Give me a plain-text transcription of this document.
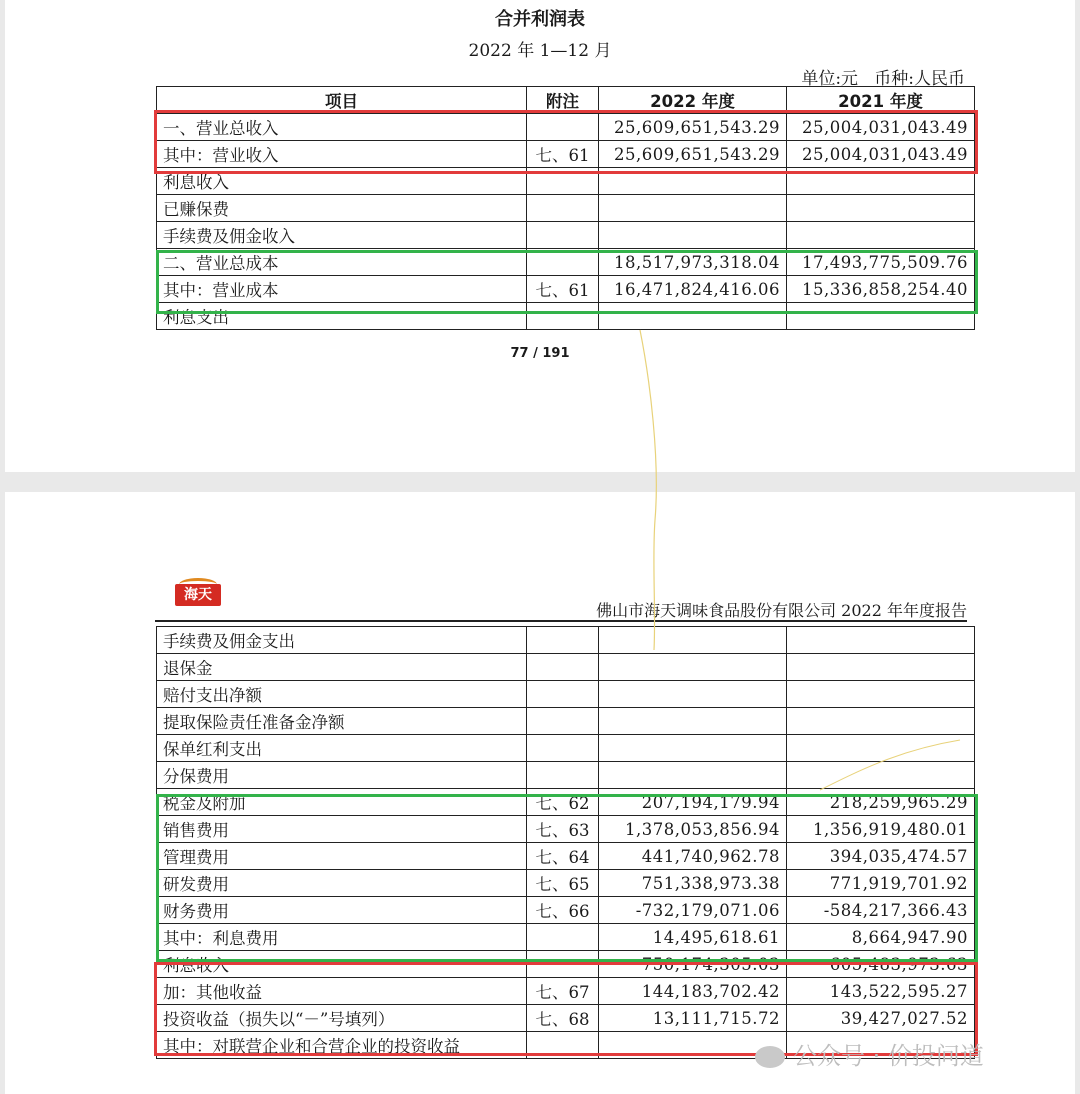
合并利润表
2022 年 1—12 月
单位:元   币种:人民币
项目	附注	2022 年度	2021 年度
一、营业总收入		25,609,651,543.29	25,004,031,043.49
其中：营业收入	七、61	25,609,651,543.29	25,004,031,043.49
利息收入			
已赚保费			
手续费及佣金收入			
二、营业总成本		18,517,973,318.04	17,493,775,509.76
其中：营业成本	七、61	16,471,824,416.06	15,336,858,254.40
利息支出			
77 / 191
海天
佛山市海天调味食品股份有限公司 2022 年年度报告
手续费及佣金支出			
退保金			
赔付支出净额			
提取保险责任准备金净额			
保单红利支出			
分保费用			
税金及附加	七、62	207,194,179.94	218,259,965.29
销售费用	七、63	1,378,053,856.94	1,356,919,480.01
管理费用	七、64	441,740,962.78	394,035,474.57
研发费用	七、65	751,338,973.38	771,919,701.92
财务费用	七、66	-732,179,071.06	-584,217,366.43
其中：利息费用		14,495,618.61	8,664,947.90
利息收入		750,174,305.03	605,483,973.63
加：其他收益	七、67	144,183,702.42	143,522,595.27
投资收益（损失以“－”号填列）	七、68	13,111,715.72	39,427,027.52
其中：对联营企业和合营企业的投资收益				公众号 · 价投问道
